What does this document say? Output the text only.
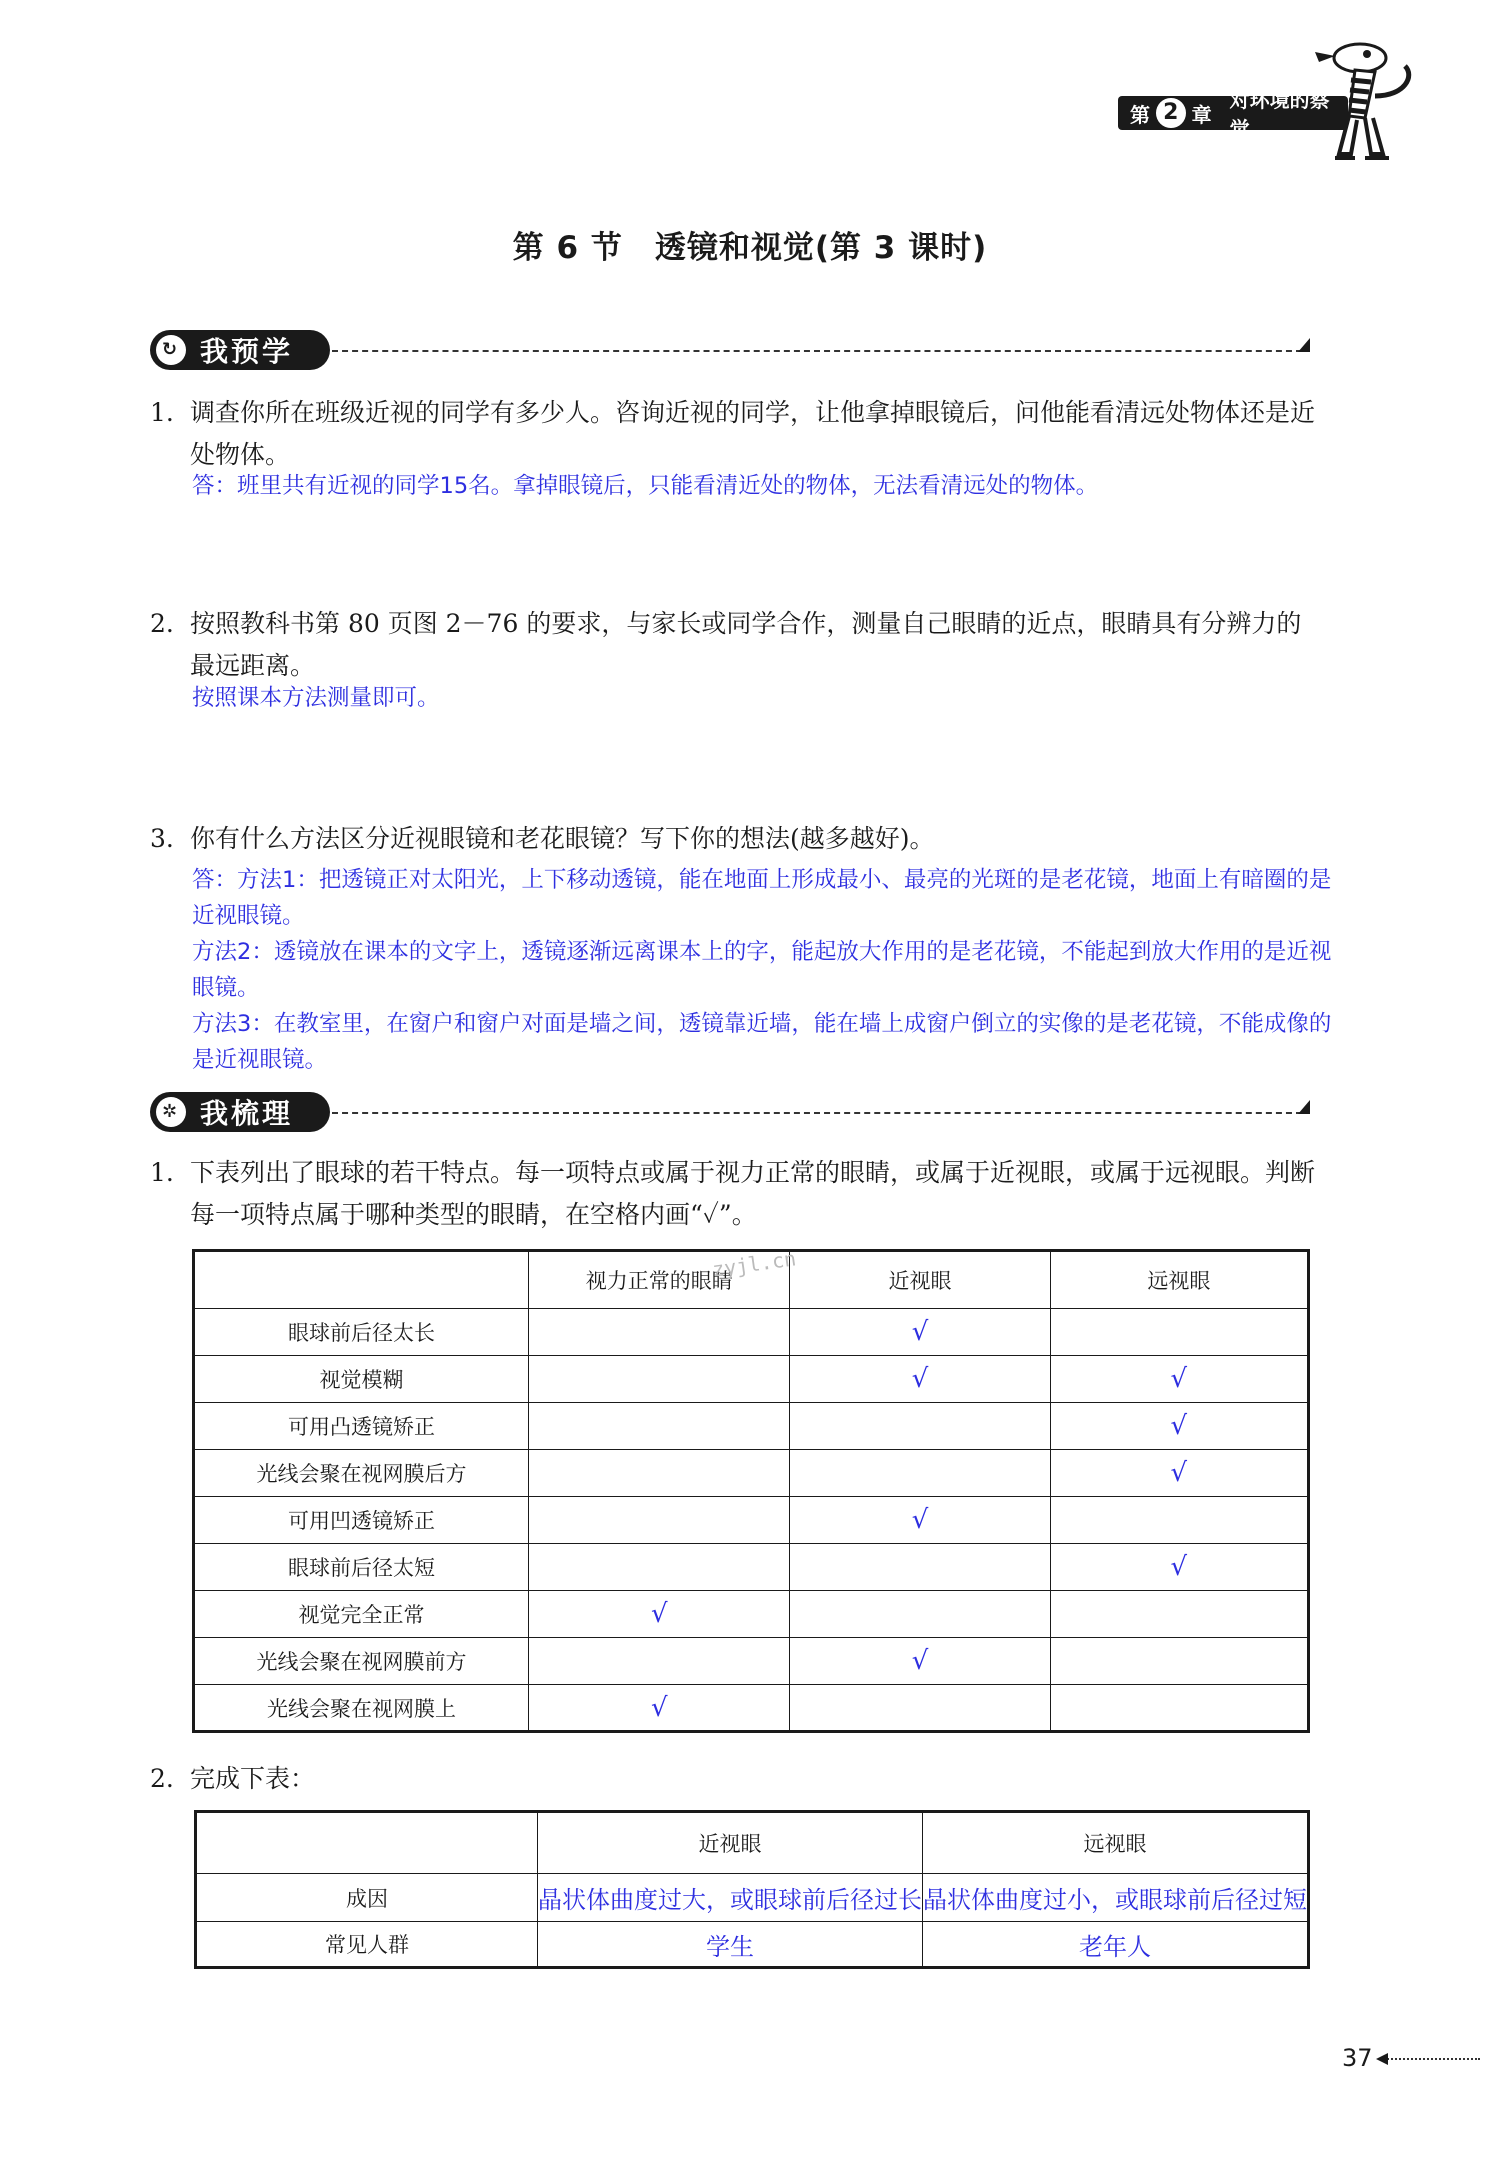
第 2 章
对环境的察觉
第 6 节　透镜和视觉(第 3 课时)
↻ 我预学
1. 调查你所在班级近视的同学有多少人。咨询近视的同学，让他拿掉眼镜后，问他能看清远处物体还是近处物体。
答：班里共有近视的同学15名。拿掉眼镜后，只能看清近处的物体，无法看清远处的物体。
2. 按照教科书第 80 页图 2－76 的要求，与家长或同学合作，测量自己眼睛的近点，眼睛具有分辨力的最远距离。
按照课本方法测量即可。
3. 你有什么方法区分近视眼镜和老花眼镜？写下你的想法(越多越好)。
答：方法1：把透镜正对太阳光，上下移动透镜，能在地面上形成最小、最亮的光斑的是老花镜，地面上有暗圈的是近视眼镜。
方法2：透镜放在课本的文字上，透镜逐渐远离课本上的字，能起放大作用的是老花镜，不能起到放大作用的是近视眼镜。
方法3：在教室里，在窗户和窗户对面是墙之间，透镜靠近墙，能在墙上成窗户倒立的实像的是老花镜，不能成像的是近视眼镜。
✲ 我梳理
1. 下表列出了眼球的若干特点。每一项特点或属于视力正常的眼睛，或属于近视眼，或属于远视眼。判断每一项特点属于哪种类型的眼睛，在空格内画“✓”。
	视力正常的眼睛	近视眼	远视眼
眼球前后径太长		√	
视觉模糊		√	√
可用凸透镜矫正			√
光线会聚在视网膜后方			√
可用凹透镜矫正		√	
眼球前后径太短			√
视觉完全正常	√		
光线会聚在视网膜前方		√	
光线会聚在视网膜上	√		
zyjl.cn
2. 完成下表：
	近视眼	远视眼
成因	晶状体曲度过大，或眼球前后径过长	晶状体曲度过小，或眼球前后径过短
常见人群	学生	老年人
37
